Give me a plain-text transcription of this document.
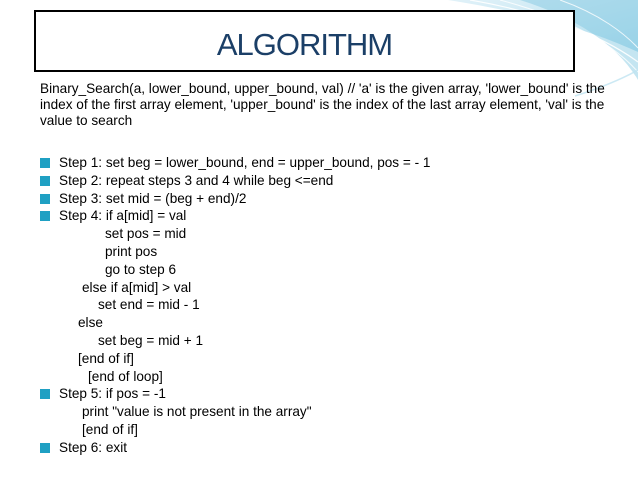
ALGORITHM
Binary_Search(a, lower_bound, upper_bound, val) // 'a' is the given array, 'lower_bound' is the index of the first array element, 'upper_bound' is the index of the last array element, 'val' is the value to search
Step 1: set beg = lower_bound, end = upper_bound, pos = - 1
Step 2: repeat steps 3 and 4 while beg <=end
Step 3: set mid = (beg + end)/2
Step 4: if a[mid] = val
set pos = mid
print pos
go to step 6
else if a[mid] > val
set end = mid - 1
else
set beg = mid + 1
[end of if]
[end of loop]
Step 5: if pos = -1
print "value is not present in the array"
[end of if]
Step 6: exit
